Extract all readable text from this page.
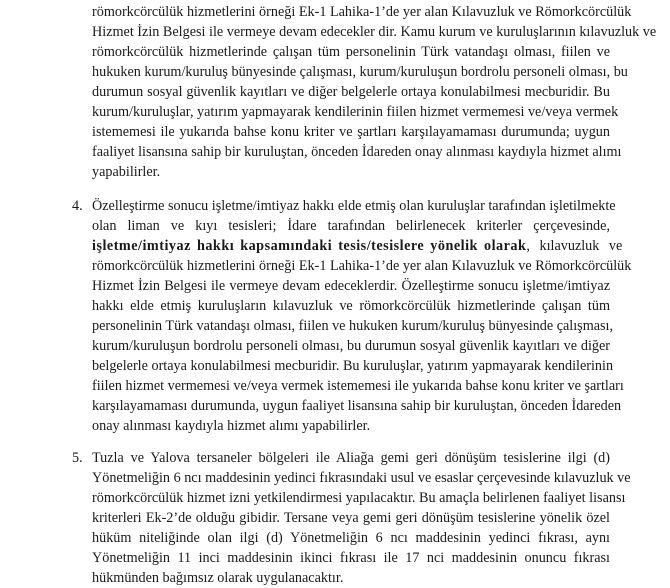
römorkcörcülük hizmetlerini örneği Ek-1 Lahika-1’de yer alan Kılavuzluk ve Römorkcörcülük
Hizmet İzin Belgesi ile vermeye devam edecekler dir. Kamu kurum ve kuruluşlarının kılavuzluk ve
römorkcörcülük hizmetlerinde çalışan tüm personelinin Türk vatandaşı olması, fiilen ve
hukuken kurum/kuruluş bünyesinde çalışması, kurum/kuruluşun bordrolu personeli olması, bu
durumun sosyal güvenlik kayıtları ve diğer belgelerle ortaya konulabilmesi mecburidir. Bu
kurum/kuruluşlar, yatırım yapmayarak kendilerinin fiilen hizmet vermemesi ve/veya vermek
istememesi ile yukarıda bahse konu kriter ve şartları karşılayamaması durumunda; uygun
faaliyet lisansına sahip bir kuruluştan, önceden İdareden onay alınması kaydıyla hizmet alımı
yapabilirler.
4. Özelleştirme sonucu işletme/imtiyaz hakkı elde etmiş olan kuruluşlar tarafından işletilmekte
olan liman ve kıyı tesisleri; İdare tarafından belirlenecek kriterler çerçevesinde,
işletme/imtiyaz hakkı kapsamındaki tesis/tesislere yönelik olarak , kılavuzluk ve
römorkcörcülük hizmetlerini örneği Ek-1 Lahika-1’de yer alan Kılavuzluk ve Römorkcörcülük
Hizmet İzin Belgesi ile vermeye devam edeceklerdir. Özelleştirme sonucu işletme/imtiyaz
hakkı elde etmiş kuruluşların kılavuzluk ve römorkcörcülük hizmetlerinde çalışan tüm
personelinin Türk vatandaşı olması, fiilen ve hukuken kurum/kuruluş bünyesinde çalışması,
kurum/kuruluşun bordrolu personeli olması, bu durumun sosyal güvenlik kayıtları ve diğer
belgelerle ortaya konulabilmesi mecburidir. Bu kuruluşlar, yatırım yapmayarak kendilerinin
fiilen hizmet vermemesi ve/veya vermek istememesi ile yukarıda bahse konu kriter ve şartları
karşılayamaması durumunda, uygun faaliyet lisansına sahip bir kuruluştan, önceden İdareden
onay alınması kaydıyla hizmet alımı yapabilirler.
5. Tuzla ve Yalova tersaneler bölgeleri ile Aliağa gemi geri dönüşüm tesislerine ilgi (d)
Yönetmeliğin 6 ncı maddesinin yedinci fıkrasındaki usul ve esaslar çerçevesinde kılavuzluk ve
römorkcörcülük hizmet izni yetkilendirmesi yapılacaktır. Bu amaçla belirlenen faaliyet lisansı
kriterleri Ek-2’de olduğu gibidir. Tersane veya gemi geri dönüşüm tesislerine yönelik özel
hüküm niteliğinde olan ilgi (d) Yönetmeliğin 6 ncı maddesinin yedinci fıkrası, aynı
Yönetmeliğin 11 inci maddesinin ikinci fıkrası ile 17 nci maddesinin onuncu fıkrası
hükmünden bağımsız olarak uygulanacaktır.
